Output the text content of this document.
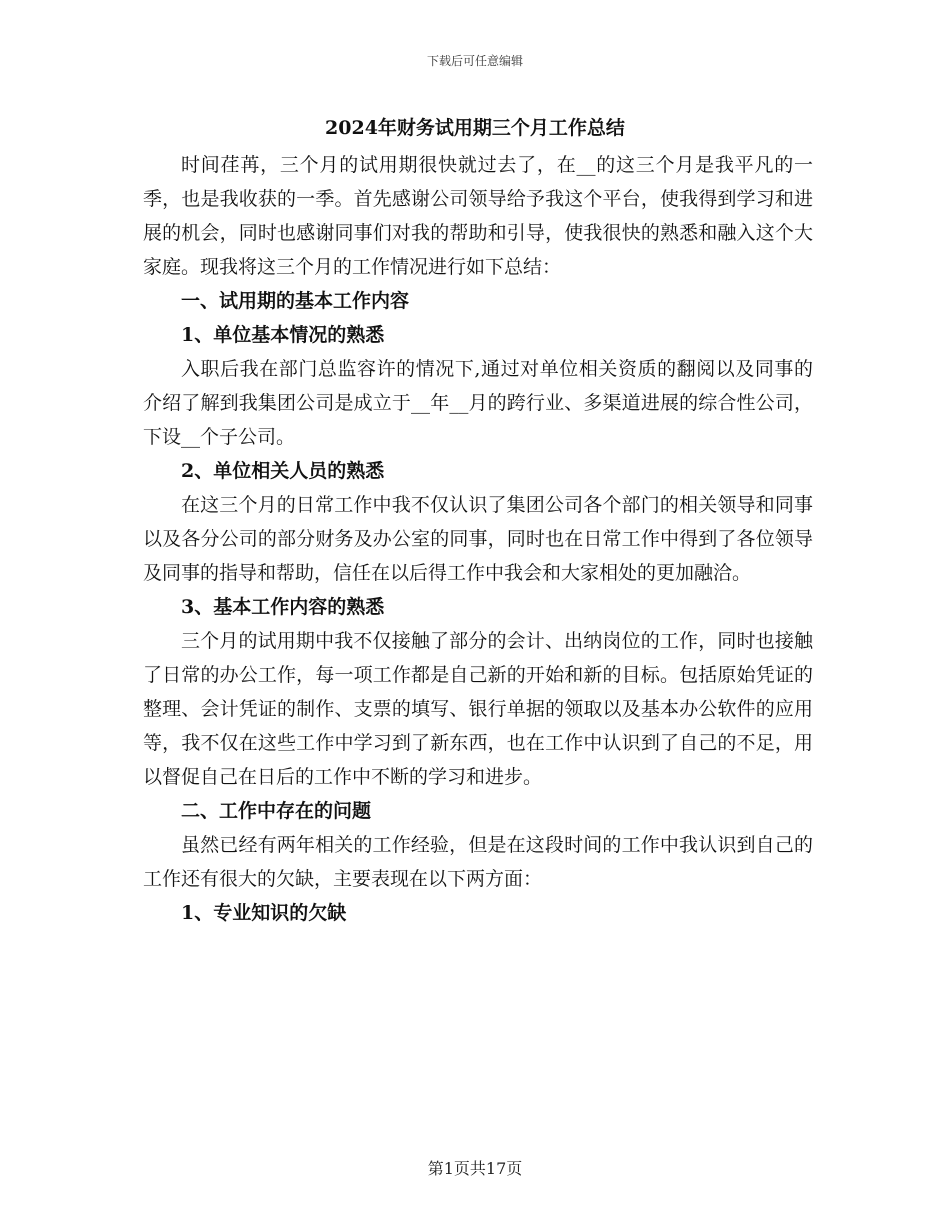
下载后可任意编辑
2024年财务试用期三个月工作总结

时间荏苒，三个月的试用期很快就过去了，在__的这三个月是我平凡的一季，也是我收获的一季。首先感谢公司领导给予我这个平台，使我得到学习和进展的机会，同时也感谢同事们对我的帮助和引导，使我很快的熟悉和融入这个大家庭。现我将这三个月的工作情况进行如下总结：

一、试用期的基本工作内容

1、单位基本情况的熟悉

入职后我在部门总监容许的情况下,通过对单位相关资质的翻阅以及同事的介绍了解到我集团公司是成立于__年__月的跨行业、多渠道进展的综合性公司，下设__个子公司。

2、单位相关人员的熟悉

在这三个月的日常工作中我不仅认识了集团公司各个部门的相关领导和同事以及各分公司的部分财务及办公室的同事，同时也在日常工作中得到了各位领导及同事的指导和帮助，信任在以后得工作中我会和大家相处的更加融洽。

3、基本工作内容的熟悉

三个月的试用期中我不仅接触了部分的会计、出纳岗位的工作，同时也接触了日常的办公工作，每一项工作都是自己新的开始和新的目标。包括原始凭证的整理、会计凭证的制作、支票的填写、银行单据的领取以及基本办公软件的应用等，我不仅在这些工作中学习到了新东西，也在工作中认识到了自己的不足，用以督促自己在日后的工作中不断的学习和进步。

二、工作中存在的问题

虽然已经有两年相关的工作经验，但是在这段时间的工作中我认识到自己的工作还有很大的欠缺，主要表现在以下两方面：

1、专业知识的欠缺

第1页共17页
